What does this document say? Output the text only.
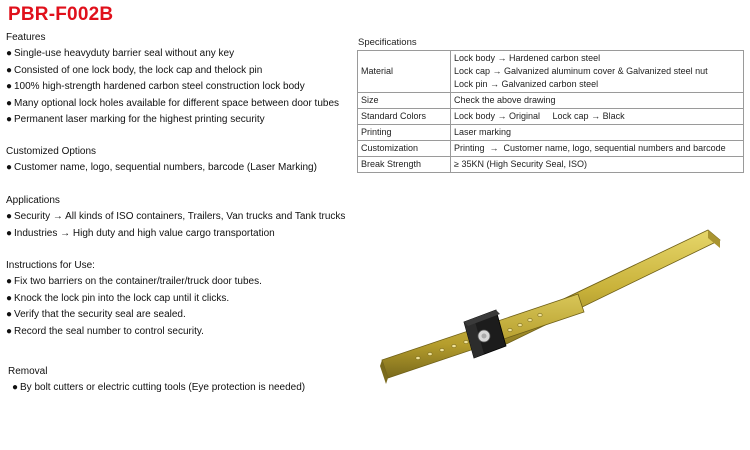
PBR-F002B
Features
● Single-use heavyduty barrier seal without any key
● Consisted of one lock body, the lock cap and thelock pin
● 100% high-strength hardened carbon steel construction lock body
● Many optional lock holes available for different space between door tubes
● Permanent laser marking for the highest printing security
Customized Options
● Customer name, logo, sequential numbers, barcode (Laser Marking)
Applications
● Security → All kinds of ISO containers, Trailers, Van trucks and Tank trucks
● Industries → High duty and high value cargo transportation
Instructions for Use:
● Fix two barriers on the container/trailer/truck door tubes.
● Knock the lock pin into the lock cap until it clicks.
● Verify that the security seal are sealed.
● Record the seal number to control security.
Removal
● By bolt cutters or electric cutting tools (Eye protection is needed)
Specifications
Material	Lock body → Hardened carbon steel
Lock cap → Galvanized aluminum cover & Galvanized steel nut
Lock pin → Galvanized carbon steel

Size	Check the above drawing
Standard Colors	Lock body → Original     Lock cap → Black
Printing	Laser marking
Customization	Printing  →  Customer name, logo, sequential numbers and barcode
Break Strength	≥ 35KN (High Security Seal, ISO)
